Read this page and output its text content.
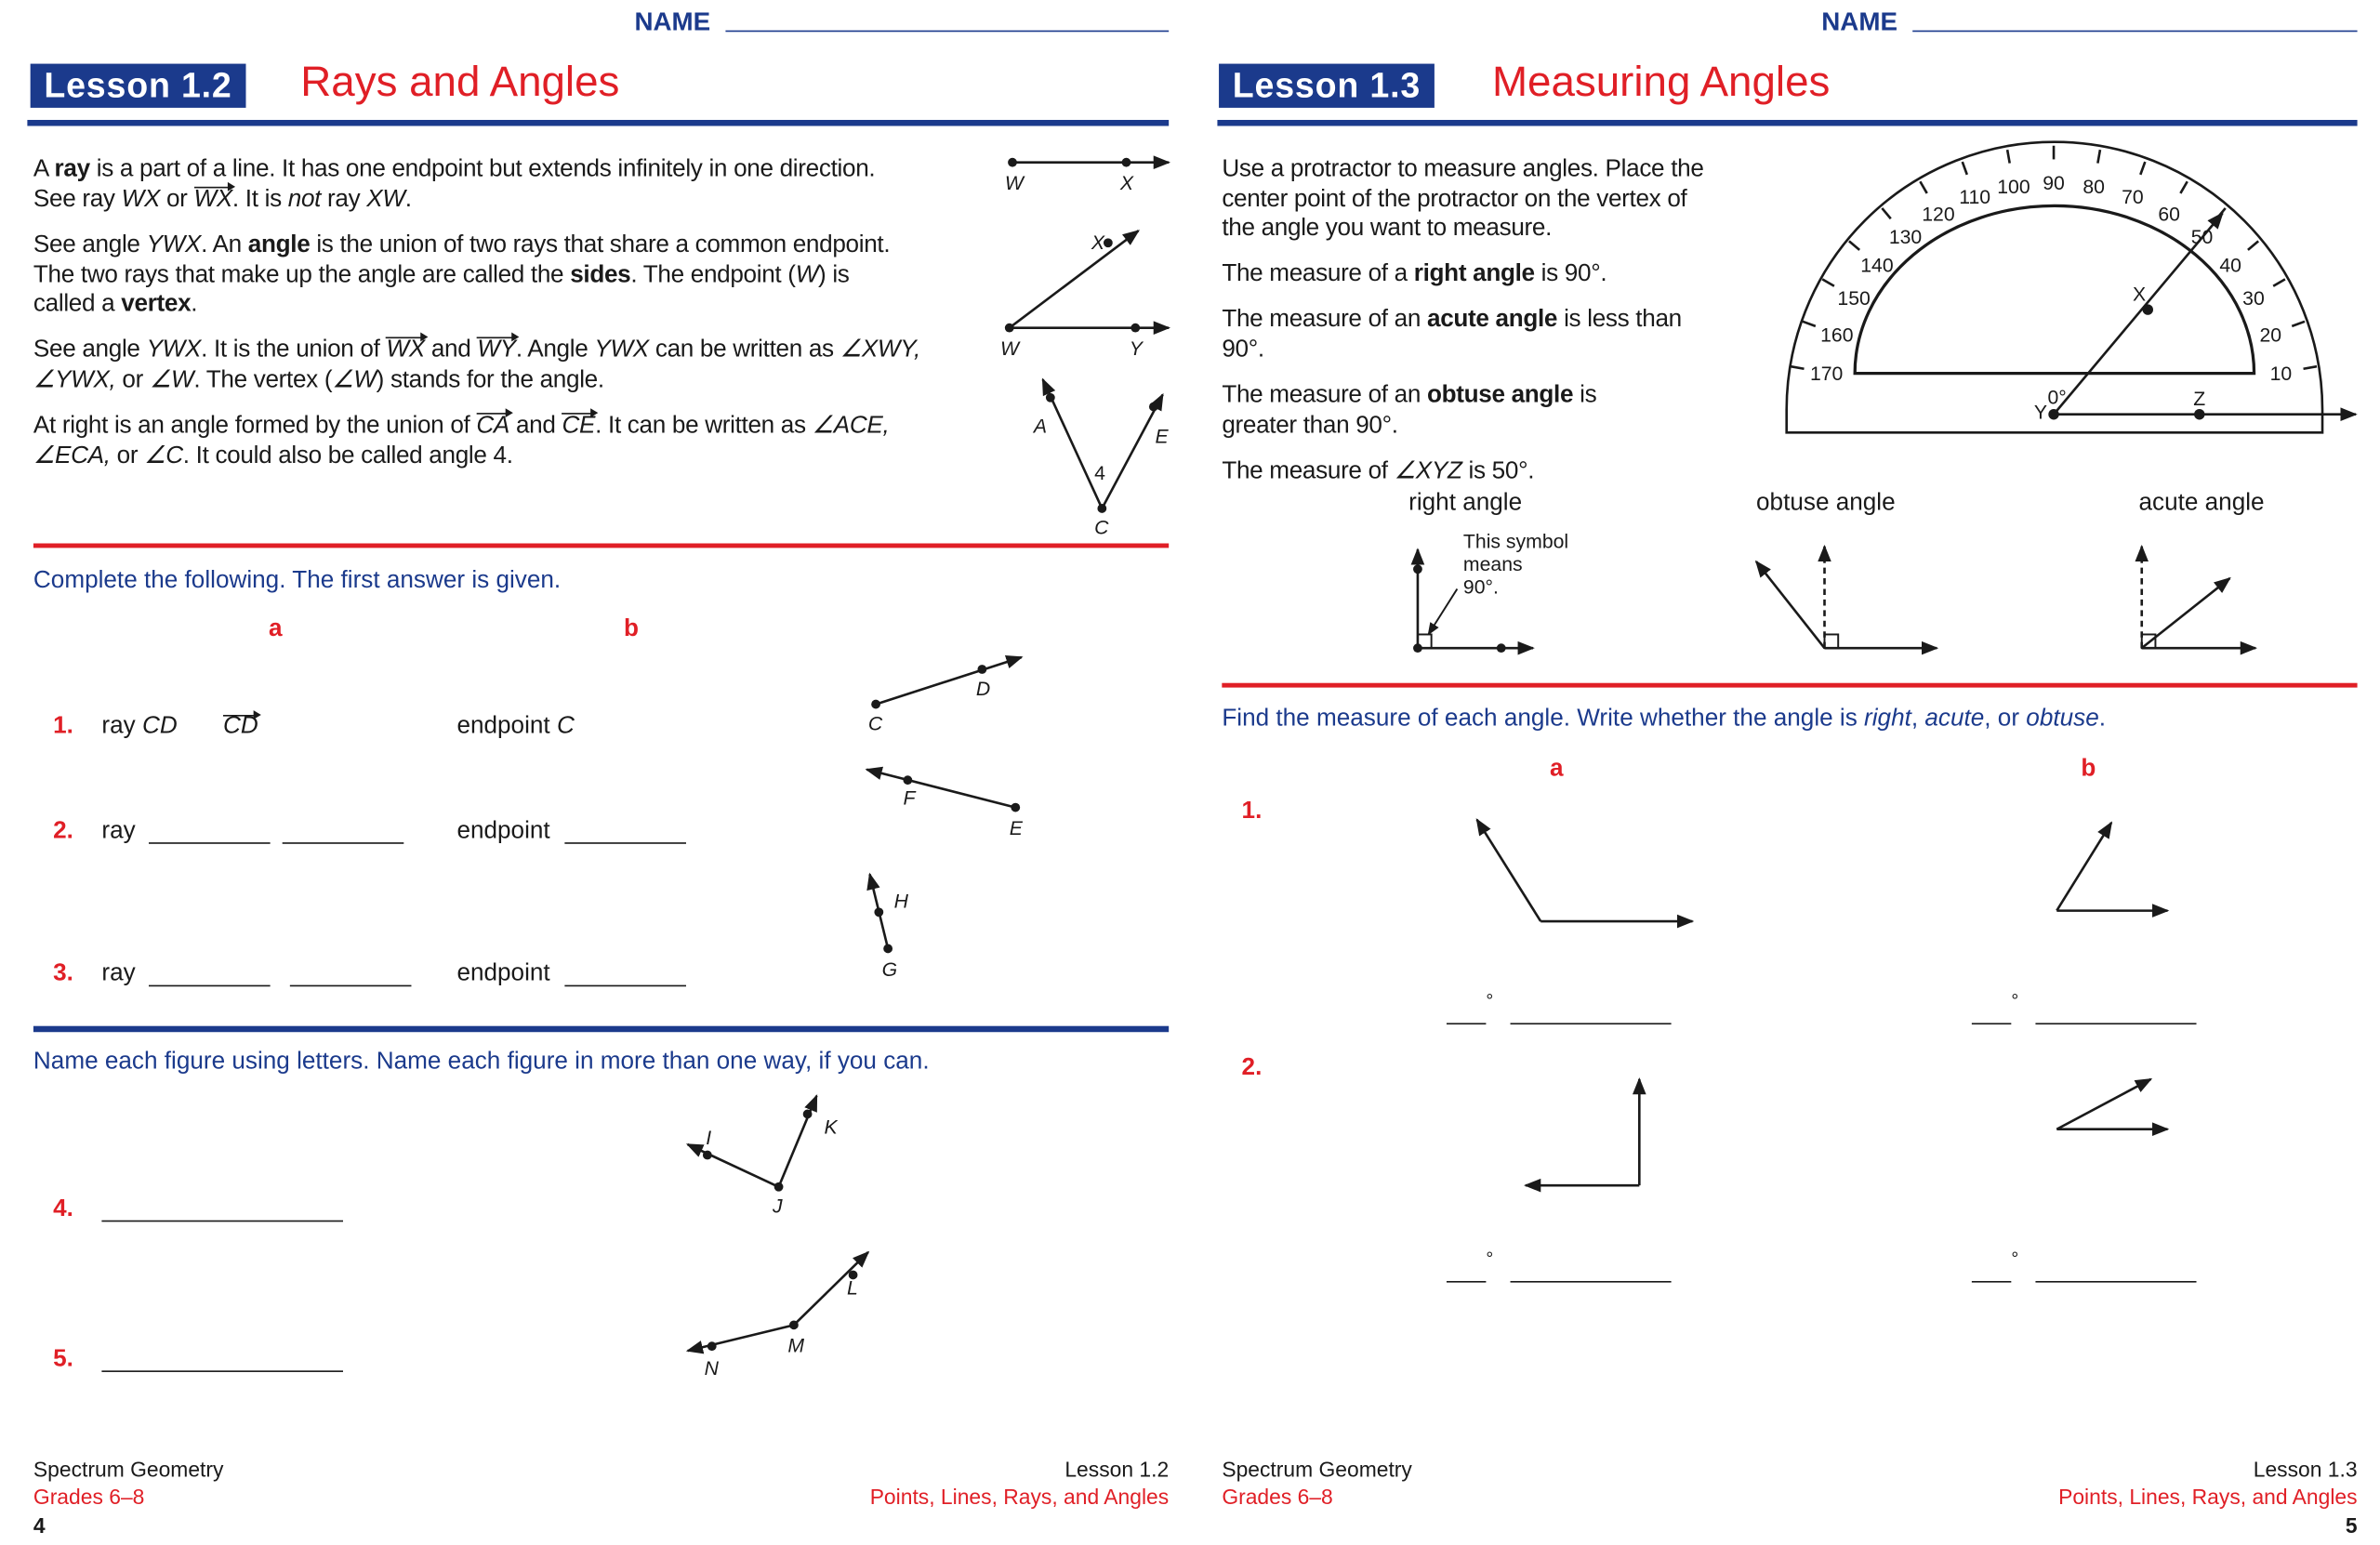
NAME
Lesson 1.2	Rays and Angles
A ray is a part of a line. It has one endpoint but extends infinitely in one direction. See ray WX or WX. It is not ray XW.
See angle YWX. An angle is the union of two rays that share a common endpoint. The two rays that make up the angle are called the sides. The endpoint (W) is called a vertex.
See angle YWX. It is the union of WX and WY. Angle YWX can be written as ∠XWY, ∠YWX, or ∠W. The vertex (∠W) stands for the angle.
At right is an angle formed by the union of CA and CE. It can be written as ∠ACE, ∠ECA, or ∠C. It could also be called angle 4.
Complete the following. The first answer is given.
a	b
1. ray CD	CD	endpoint C
2. ray	endpoint
3. ray	endpoint
Name each figure using letters. Name each figure in more than one way, if you can.
4.
5.
Spectrum Geometry
Grades 6–8
4
Lesson 1.2
Points, Lines, Rays, and Angles
NAME
Lesson 1.3	Measuring Angles
Use a protractor to measure angles. Place the center point of the protractor on the vertex of the angle you want to measure.
The measure of a right angle is 90°.
The measure of an acute angle is less than 90°.
The measure of an obtuse angle is greater than 90°.
The measure of ∠XYZ is 50°.
right angle	obtuse angle	acute angle
This symbol
means
90°.
Find the measure of each angle. Write whether the angle is right, acute, or obtuse.
a	b
1.
2.
°	°
°	°
Spectrum Geometry
Grades 6–8
5
Lesson 1.3
Points, Lines, Rays, and Angles
W	X
X
W	Y
A	E
4
C
C
D
F
E
H
G
I	K
J
N
M
L
X
Y
Z
0°
10
20
30
40
50
60
70
80
90
100
110
120
130
140
150
160
170
